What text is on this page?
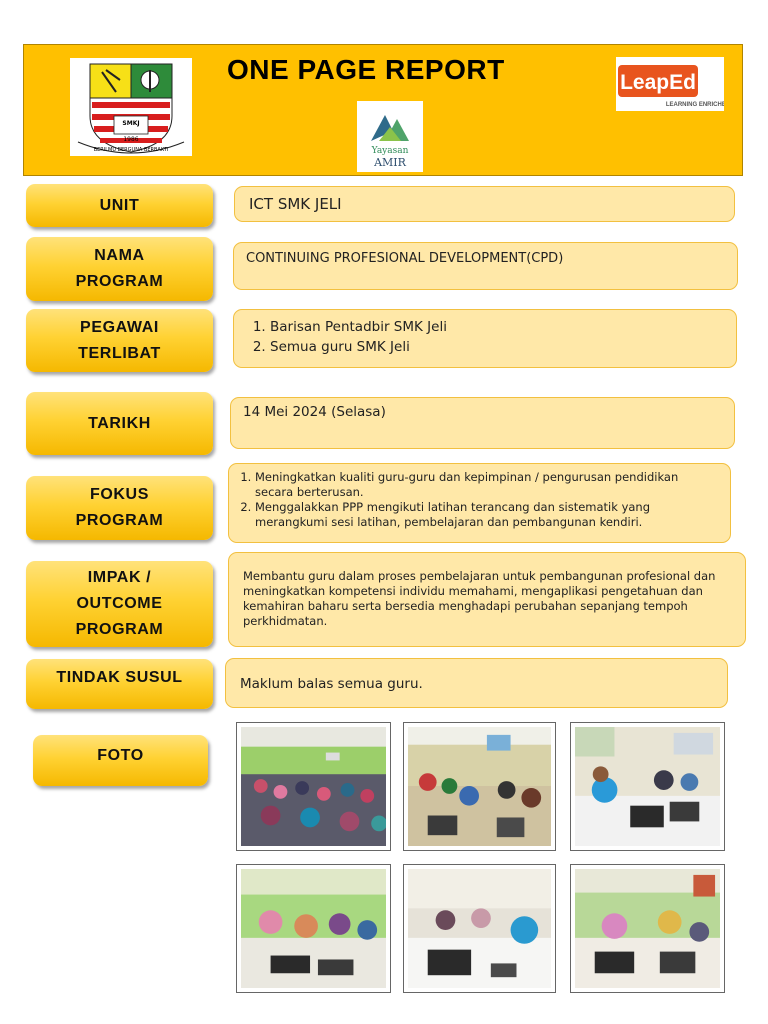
SMKJ
1986
BERILMU BERGUNA BERBAKTI
ONE PAGE REPORT
Yayasan
AMIR
LeapEd
LEARNING ENRICHED
UNIT	ICT SMK JELI
NAMA
PROGRAM
CONTINUING PROFESIONAL DEVELOPMENT(CPD)
PEGAWAI
TERLIBAT
1. Barisan Pentadbir SMK Jeli
2. Semua guru SMK Jeli
TARIKH
14 Mei 2024 (Selasa)
FOKUS
PROGRAM
1. Meningkatkan kualiti guru-guru dan kepimpinan / pengurusan pendidikan secara berterusan.
2. Menggalakkan PPP mengikuti latihan terancang dan sistematik yang merangkumi sesi latihan, pembelajaran dan pembangunan kendiri.
IMPAK /
OUTCOME
PROGRAM
Membantu guru dalam proses pembelajaran untuk pembangunan profesional dan meningkatkan kompetensi individu memahami, mengaplikasi pengetahuan dan kemahiran baharu serta bersedia menghadapi perubahan sepanjang tempoh perkhidmatan.
TINDAK SUSUL	Maklum balas semua guru.
FOTO
